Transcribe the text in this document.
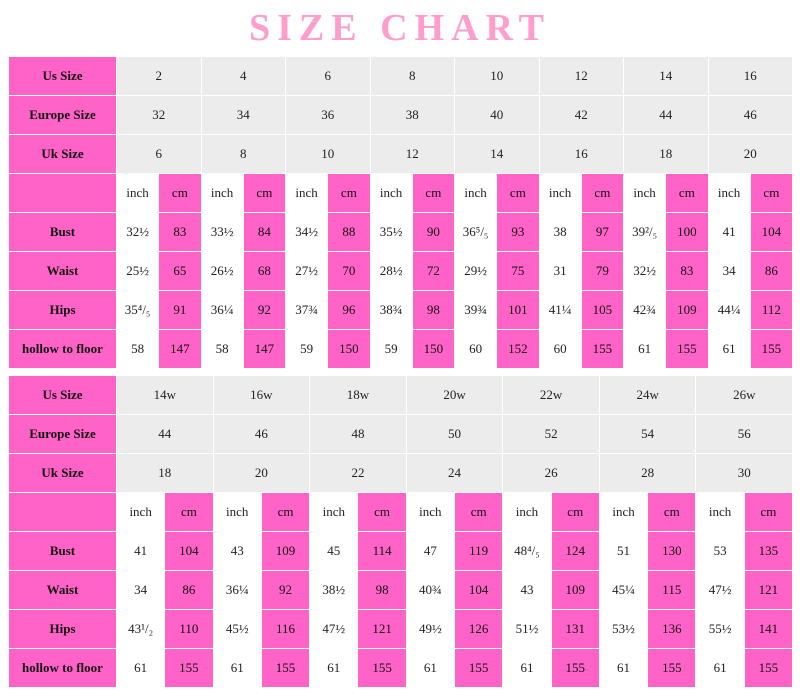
SIZE CHART
Us Size	2		4		6		8		10		12		14		16	
Europe Size	32		34		36		38		40		42		44		46	
Uk Size	6		8		10		12		14		16		18		20	
	inch	cm	inch	cm	inch	cm	inch	cm	inch	cm	inch	cm	inch	cm	inch	cm
Bust	32½	83	33½	84	34½	88	35½	90	36⁵/₅	93	38	97	39²/₅	100	41	104
Waist	25½	65	26½	68	27½	70	28½	72	29½	75	31	79	32½	83	34	86
Hips	35⁴/₅	91	36¼	92	37¾	96	38¾	98	39¾	101	41¼	105	42¾	109	44¼	112
hollow to floor	58	147	58	147	59	150	59	150	60	152	60	155	61	155	61	155
Us Size	14w		16w		18w		20w		22w		24w		26w	
Europe Size	44		46		48		50		52		54		56	
Uk Size	18		20		22		24		26		28		30	
	inch	cm	inch	cm	inch	cm	inch	cm	inch	cm	inch	cm	inch	cm
Bust	41	104	43	109	45	114	47	119	48⁴/₅	124	51	130	53	135
Waist	34	86	36¼	92	38½	98	40¾	104	43	109	45¼	115	47½	121
Hips	43¹/₂	110	45½	116	47½	121	49½	126	51½	131	53½	136	55½	141
hollow to floor	61	155	61	155	61	155	61	155	61	155	61	155	61	155
